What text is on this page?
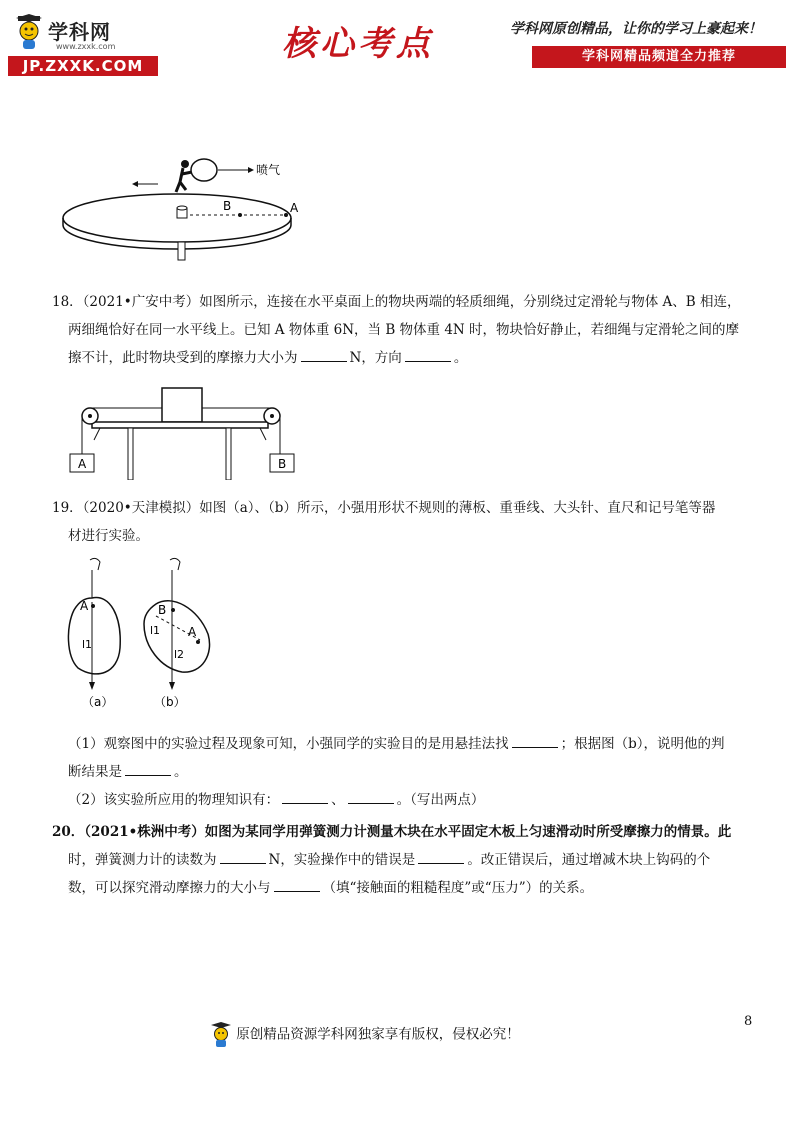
学科网
www.zxxk.com
JP.ZXXK.COM
核心考点	学科网原创精品，让你的学习上豪起来！
学科网精品频道全力推荐
喷气
B	A
18．（2021•广安中考）如图所示，连接在水平桌面上的物块两端的轻质细绳，分别绕过定滑轮与物体 A、B 相连，
两细绳恰好在同一水平线上。已知 A 物体重 6N，当 B 物体重 4N 时，物块恰好静止，若细绳与定滑轮之间的摩
擦不计，此时物块受到的摩擦力大小为	N，方向	。
A	B
19．（2020•天津模拟）如图（a）、（b）所示，小强用形状不规则的薄板、重垂线、大头针、直尺和记号笔等器
材进行实验。
A
l1
（a）
B
A
l1
l2
（b）
（1）观察图中的实验过程及现象可知，小强同学的实验目的是用悬挂法找	；根据图（b），说明他的判
断结果是	。
（2）该实验所应用的物理知识有：	、	。（写出两点）
20．（2021•株洲中考）如图为某同学用弹簧测力计测量木块在水平固定木板上匀速滑动时所受摩擦力的情景。此
时，弹簧测力计的读数为	N，实验操作中的错误是	。改正错误后，通过增减木块上钩码的个
数，可以探究滑动摩擦力的大小与	（填“接触面的粗糙程度”或“压力”）的关系。
8
原创精品资源学科网独家享有版权，侵权必究！
